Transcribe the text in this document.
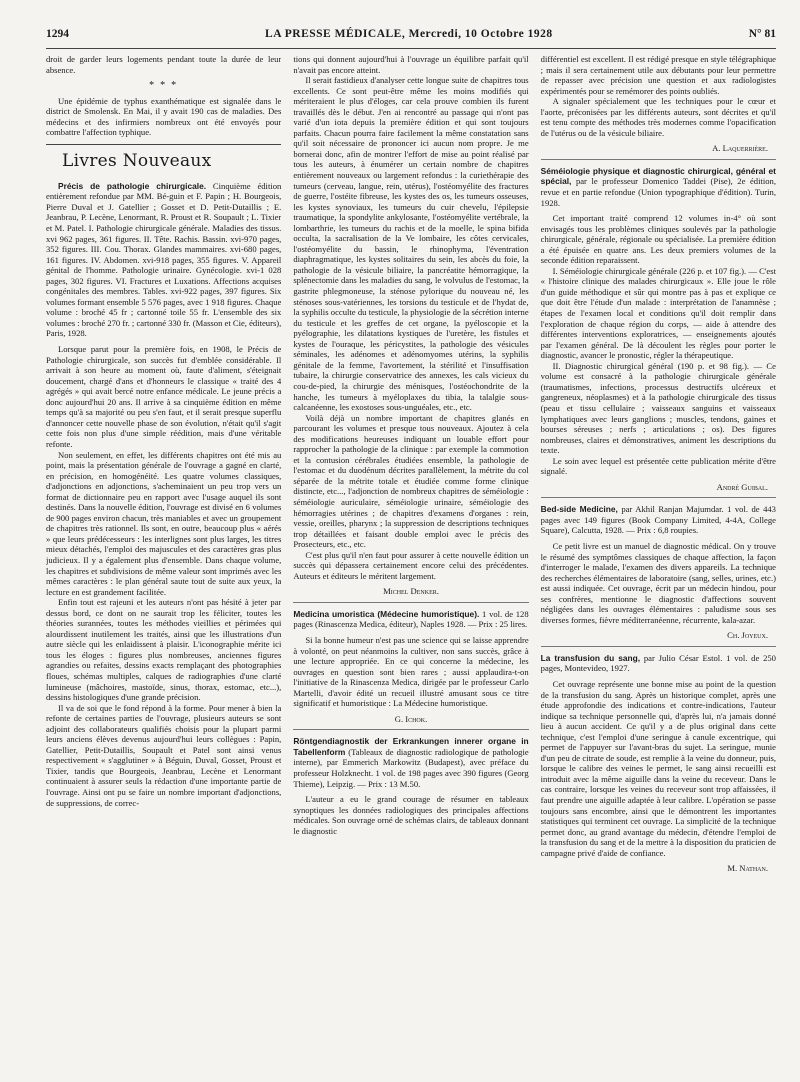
1294	LA PRESSE MÉDICALE, Mercredi, 10 Octobre 1928	N° 81

droit de garder leurs logements pendant toute la durée de leur absence.

* * *

Une épidémie de typhus exanthématique est signalée dans le district de Smolensk. En Mai, il y avait 190 cas de maladies. Des médecins et des infirmiers nombreux ont été envoyés pour combattre l'affection typhique.

Livres Nouveaux

Précis de pathologie chirurgicale. Cinquième édition entièrement refondue par MM. Bé-guin et F. Papin ; H. Bourgeois, Pierre Duval et J. Gatellier ; Gosset et D. Petit-Dutaillis ; E. Jeanbrau, P. Lecène, Lenormant, R. Proust et R. Soupault ; L. Tixier et M. Patel. I. Pathologie chirurgicale générale. Maladies des tissus. xvi 962 pages, 361 figures. II. Tête. Rachis. Bassin. xvi-970 pages, 352 figures. III. Cou. Thorax. Glandes mammaires. xvi-680 pages, 161 figures. IV. Abdomen. xvi-918 pages, 355 figures. V. Appareil génital de l'homme. Pathologie urinaire. Gynécologie. xvi-1 028 pages, 302 figures. VI. Fractures et Luxations. Affections acquises congénitales des membres. Tables. xvi-922 pages, 397 figures. Six volumes formant ensemble 5 576 pages, avec 1 918 figures. Chaque volume : broché 45 fr ; cartonné toile 55 fr. L'ensemble des six volumes : broché 270 fr. ; cartonné 330 fr. (Masson et Cie, éditeurs), Paris, 1928.

Lorsque parut pour la première fois, en 1908, le Précis de Pathologie chirurgicale, son succès fut d'emblée considérable. Il arrivait à son heure au moment où, faute d'aliment, s'éteignait doucement, chargé d'ans et d'honneurs le classique « traité des 4 agrégés » qui avait bercé notre enfance médicale. Le jeune précis a donc aujourd'hui 20 ans. Il arrive à sa cinquième édition en même temps qu'à sa majorité ou peu s'en faut, et il serait presque superflu d'annoncer cette nouvelle phase de son évolution, n'était qu'il s'agit cette fois non plus d'une simple réédition, mais d'une véritable refonte.

Non seulement, en effet, les différents chapitres ont été mis au point, mais la présentation générale de l'ouvrage a gagné en clarté, en précision, en homogénéité. Les quatre volumes classiques, d'adjonctions en adjonctions, s'acheminaient un peu trop vers un format de dictionnaire peu en rapport avec l'usage auquel ils sont destinés. Dans la nouvelle édition, l'ouvrage est divisé en 6 volumes de 900 pages environ chacun, très maniables et avec un groupement de chapitres très rationnel. Ils sont, en outre, beaucoup plus « aérés » que leurs prédécesseurs : les interlignes sont plus larges, les titres mieux détachés, l'emploi des majuscules et des caractères gras plus judicieux. Il y a également plus d'ensemble. Dans chaque volume, les chapitres et subdivisions de même valeur sont imprimés avec les mêmes caractères : le plan général saute tout de suite aux yeux, la lecture en est grandement facilitée.

Enfin tout est rajeuni et les auteurs n'ont pas hésité à jeter par dessus bord, ce dont on ne saurait trop les féliciter, toutes les théories surannées, toutes les méthodes vieillies et périmées qui alourdissent inutilement les traités, ainsi que les illustrations d'un autre siècle qui les enlaidissent à plaisir. L'iconographie mérite ici tous les éloges : figures plus nombreuses, anciennes figures agrandies ou refaites, dessins exacts remplaçant des photographies floues, schémas multiples, calques de radiographies d'une clarté lumineuse (mâchoires, mastoïde, sinus, thorax, estomac, etc...), dessins histologiques d'une grande précision.

Il va de soi que le fond répond à la forme. Pour mener à bien la refonte de certaines parties de l'ouvrage, plusieurs auteurs se sont adjoint des collaborateurs qualifiés choisis pour la plupart parmi leurs anciens élèves devenus aujourd'hui leurs collègues : Papin, Gatellier, Petit-Dutaillis, Soupault et Patel sont ainsi venus respectivement « s'agglutiner » à Béguin, Duval, Gosset, Proust et Tixier, tandis que Bourgeois, Jeanbrau, Lecène et Lenormant continuaient à assurer seuls la rédaction d'une importante partie de l'ouvrage. Ainsi ont pu se faire un nombre important d'adjonctions, de suppressions, de correc-

tions qui donnent aujourd'hui à l'ouvrage un équilibre parfait qu'il n'avait pas encore atteint.

Il serait fastidieux d'analyser cette longue suite de chapitres tous excellents. Ce sont peut-être même les moins modifiés qui mériteraient le plus d'éloges, car cela prouve combien ils furent travaillés dès le début. J'en ai rencontré au passage qui n'ont pas varié d'un iota depuis la première édition et qui sont toujours parfaits. Chacun pourra faire facilement la même constatation sans qu'il soit nécessaire de prononcer ici aucun nom propre. Je me bornerai donc, afin de montrer l'effort de mise au point réalisé par tous les auteurs, à énumérer un certain nombre de chapitres entièrement nouveaux ou largement refondus : la curiethérapie des tumeurs (cerveau, langue, rein, utérus), l'ostéomyélite des fractures de guerre, l'ostéite fibreuse, les kystes des os, les tumeurs osseuses, les kystes synoviaux, les tumeurs du cuir chevelu, l'épilepsie traumatique, la spondylite ankylosante, l'ostéomyélite vertébrale, la lombarthrie, les tumeurs du rachis et de la moelle, le spina bifida occulta, la sacralisation de la Ve lombaire, les côtes cervicales, l'ostéomyélite du bassin, le rhinophyma, l'éventration diaphragmatique, les kystes solitaires du sein, les abcès du foie, la pathologie de la vésicule biliaire, la pancréatite hémorragique, la splénectomie dans les maladies du sang, le volvulus de l'estomac, la gastrite phlegmoneuse, la sténose pylorique du nouveau né, les sténoses sous-vatériennes, les torsions du testicule et de l'hydat de, la syphilis occulte du testicule, la physiologie de la sécrétion interne du testicule et les greffes de cet organe, la pyéloscopie et la pyélographie, les dilatations kystiques de l'uretère, les fistules et kystes de l'ouraque, les péricystites, la pathologie des vésicules séminales, les adénomes et adénomyomes utérins, la syphilis génitale de la femme, l'avortement, la stérilité et l'insuffisation tubaire, la chirurgie conservatrice des annexes, les cals vicieux du cou-de-pied, la chirurgie des ménisques, l'ostéochondrite de la hanche, les tumeurs à myéloplaxes du tibia, la talalgie sous-calcanéenne, les exostoses sous-unguéales, etc., etc.

Voilà déjà un nombre important de chapitres glanés en parcourant les volumes et presque tous nouveaux. Ajoutez à cela des modifications heureuses indiquant un louable effort pour rapprocher la pathologie de la clinique : par exemple la commotion et la contusion cérébrales étudiées ensemble, la pathologie de l'estomac et du duodénum décrites parallèlement, la métrite du col séparée de la métrite totale et étudiée comme forme clinique distincte, etc..., l'adjonction de nombreux chapitres de séméiologie : séméiologie auriculaire, séméiologie urinaire, séméiologie des hémorragies utérines ; de chapitres d'examens d'organes : rein, vessie, oreilles, pharynx ; la suppression de descriptions techniques trop détaillées et faisant double emploi avec le précis des Prosecteurs, etc., etc.

C'est plus qu'il n'en faut pour assurer à cette nouvelle édition un succès qui dépassera certainement encore celui des précédentes. Auteurs et éditeurs le méritent largement.

Michel Denker.

Medicina umoristica (Médecine humoristique). 1 vol. de 128 pages (Rinascenza Medica, éditeur), Naples 1928. — Prix : 25 lires.

Si la bonne humeur n'est pas une science qui se laisse apprendre à volonté, on peut néanmoins la cultiver, non sans succès, grâce à une lecture appropriée. En ce qui concerne la médecine, les ouvrages en question sont bien rares ; aussi applaudira-t-on l'initiative de la Rinascenza Medica, dirigée par le professeur Carlo Martelli, d'avoir édité un recueil illustré amusant sous ce titre significatif et humoristique : La Médecine humoristique.

G. Ichok.

Röntgendiagnostik der Erkrankungen innerer organe in Tabellenform (Tableaux de diagnostic radiologique de pathologie interne), par Emmerich Markowitz (Budapest), avec préface du professeur Holzknecht. 1 vol. de 198 pages avec 390 figures (Georg Thieme), Leipzig. — Prix : 13 M.50.

L'auteur a eu le grand courage de résumer en tableaux synoptiques les données radiologiques des principales affections médicales. Son ouvrage orné de schémas clairs, de tableaux donnant le diagnostic

différentiel est excellent. Il est rédigé presque en style télégraphique ; mais il sera certainement utile aux débutants pour leur permettre de repasser avec précision une question et aux radiologistes expérimentés pour se remémorer des points oubliés.

A signaler spécialement que les techniques pour le cœur et l'aorte, préconisées par les différents auteurs, sont décrites et qu'il est tenu compte des méthodes très modernes comme l'opacification de l'utérus ou de la vésicule biliaire.

A. Laquerrière.

Séméiologie physique et diagnostic chirurgical, général et spécial, par le professeur Domenico Taddei (Pise), 2e édition, revue et en partie refondue (Union typographique d'édition). Turin, 1928.

Cet important traité comprend 12 volumes in-4° où sont envisagés tous les problèmes cliniques soulevés par la pathologie chirurgicale, générale, régionale ou spécialisée. La première édition a été épuisée en quatre ans. Les deux premiers volumes de la seconde édition reparaissent.

I. Séméiologie chirurgicale générale (226 p. et 107 fig.). — C'est « l'histoire clinique des malades chirurgicaux ». Elle joue le rôle d'un guide méthodique et sûr qui montre pas à pas et explique ce que doit être l'étude d'un malade : interprétation de l'anamnèse ; étapes de l'examen local et conditions qu'il doit remplir dans l'exploration de chaque région du corps, — aide à attendre des différentes interventions exploratrices, — enseignements ajoutés par l'examen général. De là découlent les règles pour porter le diagnostic, avancer le pronostic, régler la thérapeutique.

II. Diagnostic chirurgical général (190 p. et 98 fig.). — Ce volume est consacré à la pathologie chirurgicale générale (traumatismes, infections, processus destructifs ulcéreux et gangreneux, néoplasmes) et à la pathologie chirurgicale des tissus (peau et tissu cellulaire ; vaisseaux sanguins et vaisseaux lymphatiques avec leurs ganglions ; muscles, tendons, gaines et bourses séreuses ; nerfs ; articulations ; os). Des figures nombreuses, claires et démonstratives, animent les descriptions du texte.

Le soin avec lequel est présentée cette publication mérite d'être signalé.

André Guibal.

Bed-side Medicine, par Akhil Ranjan Majumdar. 1 vol. de 443 pages avec 149 figures (Book Company Limited, 4-4A, College Square), Calcutta, 1928. — Prix : 6,8 roupies.

Ce petit livre est un manuel de diagnostic médical. On y trouve le résumé des symptômes classiques de chaque affection, la façon d'interroger le malade, l'examen des divers appareils. La technique des recherches élémentaires de laboratoire (sang, selles, urines, etc.) est aussi indiquée. Cet ouvrage, écrit par un médecin hindou, pour ses confrères, mentionne le diagnostic d'affections souvent négligées dans les ouvrages élémentaires : paludisme sous ses diverses formes, fièvre méditerranéenne, récurrente, kala-azar.

Ch. Joyeux.

La transfusion du sang, par Julio César Estol. 1 vol. de 250 pages, Montevideo, 1927.

Cet ouvrage représente une bonne mise au point de la question de la transfusion du sang. Après un historique complet, après une étude approfondie des indications et contre-indications, l'auteur indique sa technique personnelle qui, d'après lui, n'a jamais donné lieu à aucun accident. Ce qu'il y a de plus original dans cette technique, c'est l'emploi d'une seringue à canule excentrique, qui permet de l'appuyer sur l'avant-bras du sujet. La seringue, munie d'un peu de citrate de soude, est remplie à la veine du donneur, puis, lorsque le calibre des veines le permet, le sang ainsi recueilli est introduit avec la même aiguille dans la veine du receveur. Dans le cas contraire, lorsque les veines du receveur sont trop affaissées, il faut prendre une aiguille adaptée à leur calibre. L'opération se passe toujours sans encombre, ainsi que le démontrent les importantes statistiques qui terminent cet ouvrage. La simplicité de la technique permet donc, au grand avantage du médecin, d'étendre l'emploi de la transfusion du sang et de la mettre à la disposition du praticien de campagne privé d'aide de confiance.

M. Nathan.
